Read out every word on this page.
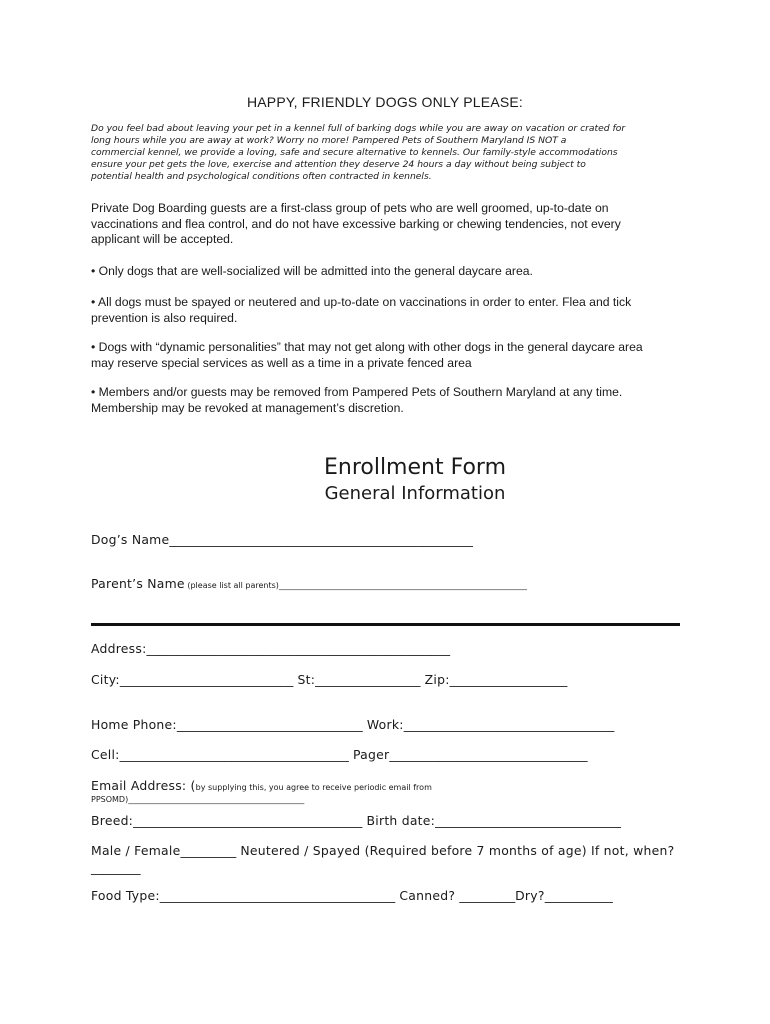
HAPPY, FRIENDLY DOGS ONLY PLEASE:
Do you feel bad about leaving your pet in a kennel full of barking dogs while you are away on vacation or crated for
long hours while you are away at work? Worry no more! Pampered Pets of Southern Maryland IS NOT a
commercial kennel, we provide a loving, safe and secure alternative to kennels. Our family-style accommodations
ensure your pet gets the love, exercise and attention they deserve 24 hours a day without being subject to
potential health and psychological conditions often contracted in kennels.
Private Dog Boarding guests are a first-class group of pets who are well groomed, up-to-date on
vaccinations and flea control, and do not have excessive barking or chewing tendencies, not every
applicant will be accepted.
• Only dogs that are well-socialized will be admitted into the general daycare area.
• All dogs must be spayed or neutered and up-to-date on vaccinations in order to enter. Flea and tick
prevention is also required.
• Dogs with “dynamic personalities” that may not get along with other dogs in the general daycare area
may reserve special services as well as a time in a private fenced area
• Members and/or guests may be removed from Pampered Pets of Southern Maryland at any time.
Membership may be revoked at management’s discretion.
Enrollment Form
General Information
Dog’s Name_________________________________________________
Parent’s Name (please list all parents)______________________________________________________________
Address:_________________________________________________
City:____________________________ St:_________________ Zip:___________________
Home Phone:______________________________ Work:__________________________________
Cell:_____________________________________ Pager________________________________
Email Address: (by supplying this, you agree to receive periodic email from
PPSOMD)____________________________________________
Breed:_____________________________________ Birth date:______________________________
Male / Female_________ Neutered / Spayed (Required before 7 months of age) If not, when?
________
Food Type:______________________________________ Canned? _________Dry?___________
